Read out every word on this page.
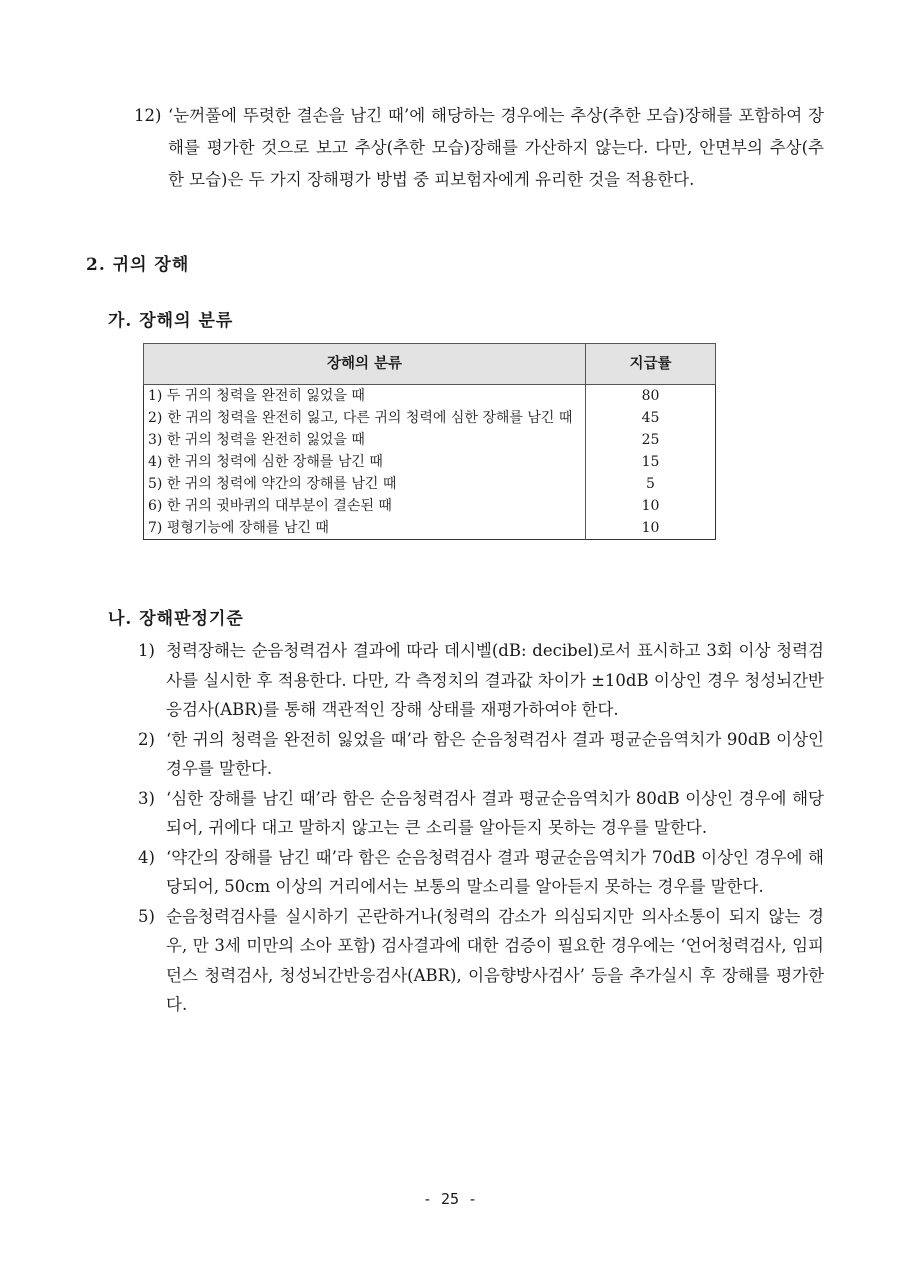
12) ‘눈꺼풀에 뚜렷한 결손을 남긴 때’에 해당하는 경우에는 추상(추한 모습)장해를 포함하여 장해를 평가한 것으로 보고 추상(추한 모습)장해를 가산하지 않는다. 다만, 안면부의 추상(추한 모습)은 두 가지 장해평가 방법 중 피보험자에게 유리한 것을 적용한다.
2. 귀의 장해
가. 장해의 분류
장해의 분류	지급률
1) 두 귀의 청력을 완전히 잃었을 때	80

2) 한 귀의 청력을 완전히 잃고, 다른 귀의 청력에 심한 장해를 남긴 때	45
3) 한 귀의 청력을 완전히 잃었을 때	25
4) 한 귀의 청력에 심한 장해를 남긴 때	15
5) 한 귀의 청력에 약간의 장해를 남긴 때	5
6) 한 귀의 귓바퀴의 대부분이 결손된 때	10
7) 평형기능에 장해를 남긴 때	10
나. 장해판정기준
1) 청력장해는 순음청력검사 결과에 따라 데시벨(dB: decibel)로서 표시하고 3회 이상 청력검사를 실시한 후 적용한다. 다만, 각 측정치의 결과값 차이가 ±10dB 이상인 경우 청성뇌간반응검사(ABR)를 통해 객관적인 장해 상태를 재평가하여야 한다.
2) ‘한 귀의 청력을 완전히 잃었을 때’라 함은 순음청력검사 결과 평균순음역치가 90dB 이상인 경우를 말한다.
3) ‘심한 장해를 남긴 때’라 함은 순음청력검사 결과 평균순음역치가 80dB 이상인 경우에 해당되어, 귀에다 대고 말하지 않고는 큰 소리를 알아듣지 못하는 경우를 말한다.
4) ‘약간의 장해를 남긴 때’라 함은 순음청력검사 결과 평균순음역치가 70dB 이상인 경우에 해당되어, 50cm 이상의 거리에서는 보통의 말소리를 알아듣지 못하는 경우를 말한다.
5) 순음청력검사를 실시하기 곤란하거나(청력의 감소가 의심되지만 의사소통이 되지 않는 경우, 만 3세 미만의 소아 포함) 검사결과에 대한 검증이 필요한 경우에는 ‘언어청력검사, 임피던스 청력검사, 청성뇌간반응검사(ABR), 이음향방사검사’ 등을 추가실시 후 장해를 평가한다.
- 25 -
